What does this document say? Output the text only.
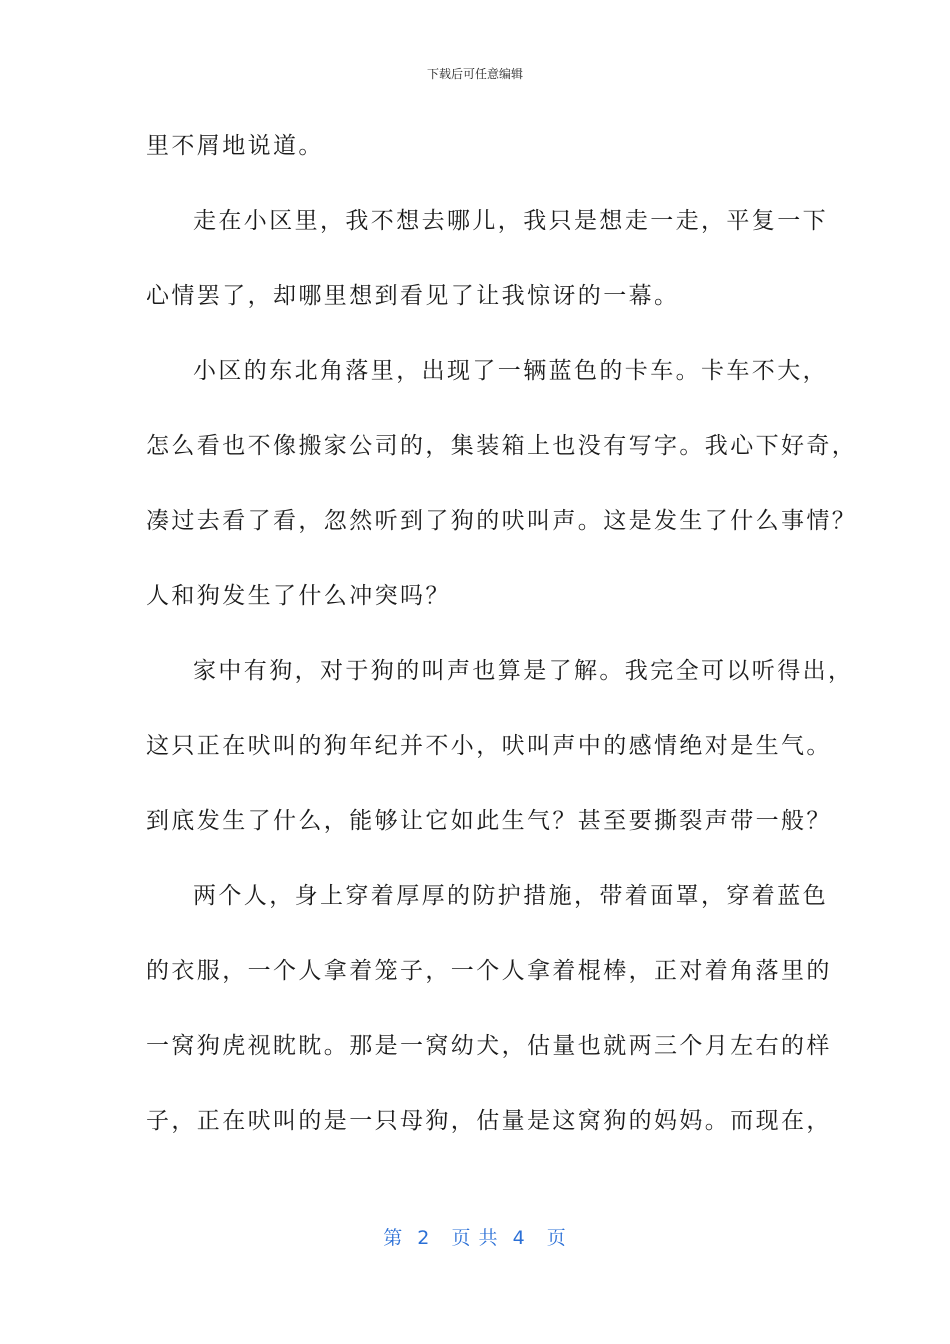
下载后可任意编辑
里不屑地说道。
走在小区里，我不想去哪儿，我只是想走一走，平复一下
心情罢了，却哪里想到看见了让我惊讶的一幕。
小区的东北角落里，出现了一辆蓝色的卡车。卡车不大，
怎么看也不像搬家公司的，集装箱上也没有写字。我心下好奇，
凑过去看了看，忽然听到了狗的吠叫声。这是发生了什么事情？
人和狗发生了什么冲突吗？
家中有狗，对于狗的叫声也算是了解。我完全可以听得出，
这只正在吠叫的狗年纪并不小，吠叫声中的感情绝对是生气。
到底发生了什么，能够让它如此生气？甚至要撕裂声带一般？
两个人，身上穿着厚厚的防护措施，带着面罩，穿着蓝色
的衣服，一个人拿着笼子，一个人拿着棍棒，正对着角落里的
一窝狗虎视眈眈。那是一窝幼犬，估量也就两三个月左右的样
子，正在吠叫的是一只母狗，估量是这窝狗的妈妈。而现在，
第  2   页 共  4   页
